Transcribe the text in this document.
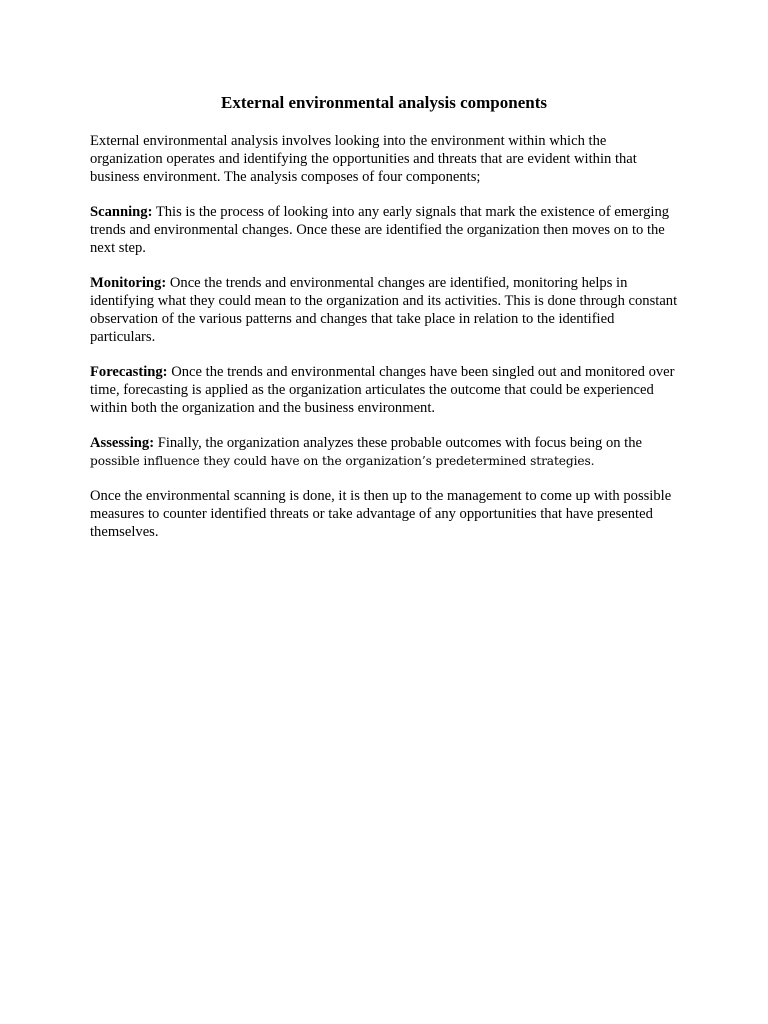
External environmental analysis components

External environmental analysis involves looking into the environment within which the organization operates and identifying the opportunities and threats that are evident within that business environment. The analysis composes of four components;

Scanning: This is the process of looking into any early signals that mark the existence of emerging trends and environmental changes. Once these are identified the organization then moves on to the next step.

Monitoring: Once the trends and environmental changes are identified, monitoring helps in identifying what they could mean to the organization and its activities. This is done through constant observation of the various patterns and changes that take place in relation to the identified particulars.

Forecasting: Once the trends and environmental changes have been singled out and monitored over time, forecasting is applied as the organization articulates the outcome that could be experienced within both the organization and the business environment.

Assessing: Finally, the organization analyzes these probable outcomes with focus being on the
possible influence they could have on the organization’s predetermined strategies.

Once the environmental scanning is done, it is then up to the management to come up with possible measures to counter identified threats or take advantage of any opportunities that have presented themselves.
